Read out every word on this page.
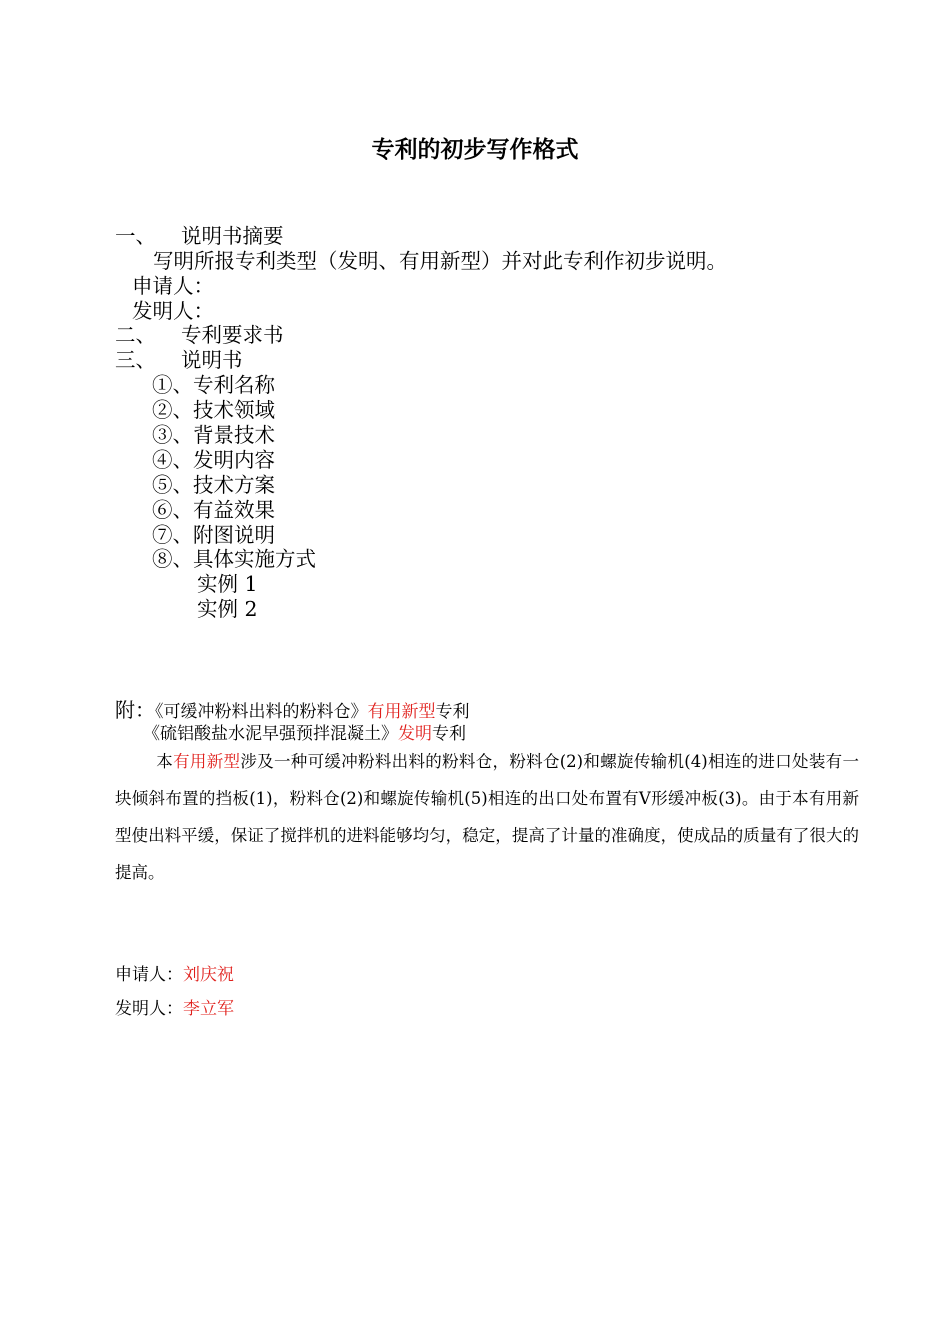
专利的初步写作格式
一、 说明书摘要
写明所报专利类型（发明、有用新型）并对此专利作初步说明。
申请人：
发明人：
二、 专利要求书
三、 说明书
①、专利名称
②、技术领域
③、背景技术
④、发明内容
⑤、技术方案
⑥、有益效果
⑦、附图说明
⑧、具体实施方式
实例 1
实例 2
附：《可缓冲粉料出料的粉料仓》有用新型专利
《硫铝酸盐水泥早强预拌混凝土》发明专利
本有用新型涉及一种可缓冲粉料出料的粉料仓，粉料仓(2)和螺旋传输机(4)相连的进口处装有一块倾斜布置的挡板(1)，粉料仓(2)和螺旋传输机(5)相连的出口处布置有V形缓冲板(3)。由于本有用新型使出料平缓，保证了搅拌机的进料能够均匀，稳定，提高了计量的准确度，使成品的质量有了很大的提高。
申请人：刘庆祝
发明人：李立军
